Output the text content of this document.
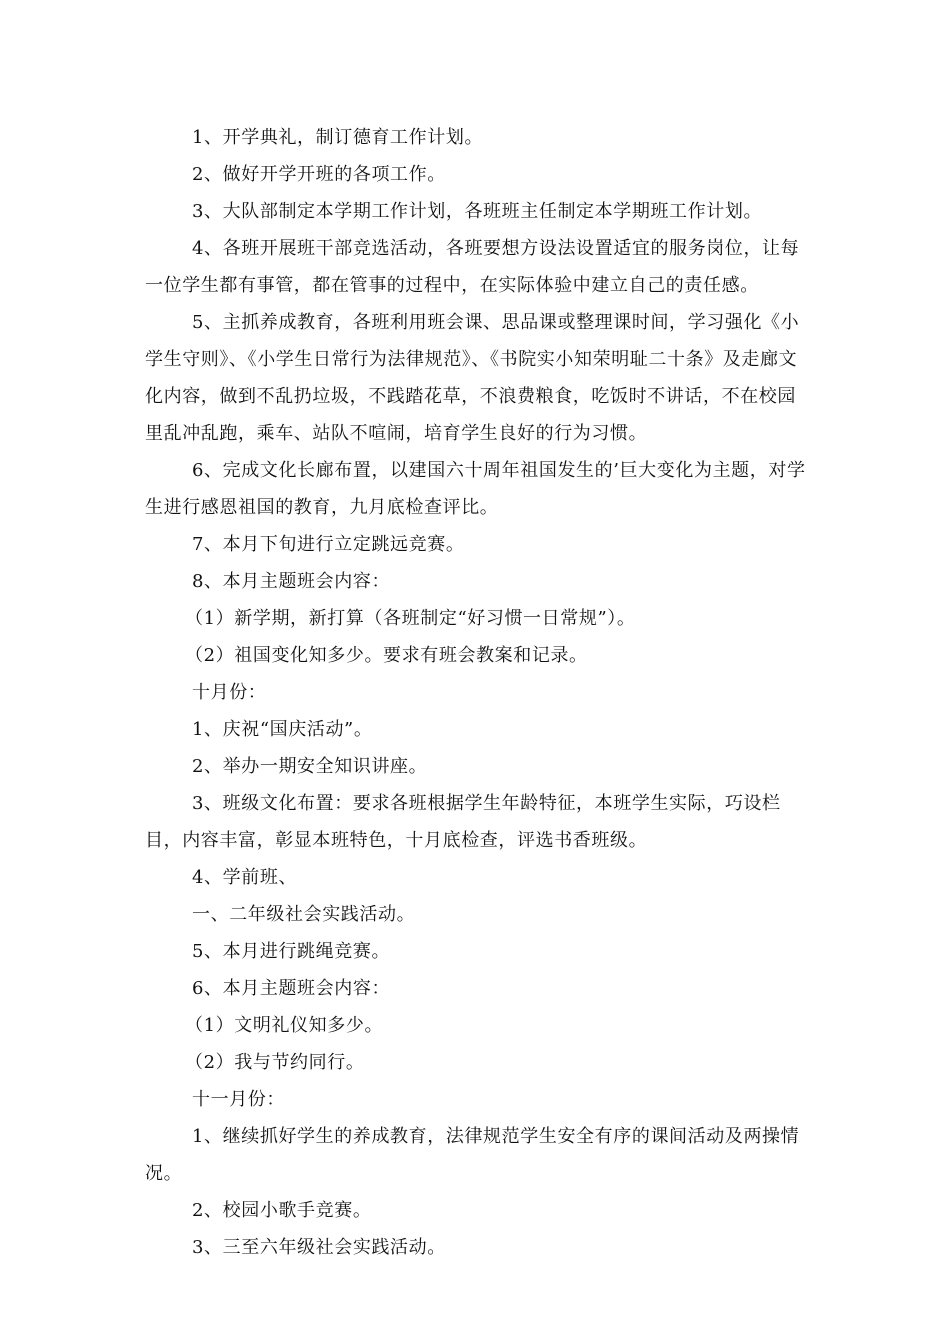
1、开学典礼，制订德育工作计划。

2、做好开学开班的各项工作。

3、大队部制定本学期工作计划，各班班主任制定本学期班工作计划。

4、各班开展班干部竞选活动，各班要想方设法设置适宜的服务岗位，让每一位学生都有事管，都在管事的过程中，在实际体验中建立自己的责任感。

5、主抓养成教育，各班利用班会课、思品课或整理课时间，学习强化《小学生守则》、《小学生日常行为法律规范》、《书院实小知荣明耻二十条》及走廊文化内容，做到不乱扔垃圾，不践踏花草，不浪费粮食，吃饭时不讲话，不在校园里乱冲乱跑，乘车、站队不喧闹，培育学生良好的行为习惯。

6、完成文化长廊布置，以建国六十周年祖国发生的’巨大变化为主题，对学生进行感恩祖国的教育，九月底检查评比。

7、本月下旬进行立定跳远竞赛。

8、本月主题班会内容：

（1）新学期，新打算（各班制定“好习惯一日常规”）。

（2）祖国变化知多少。要求有班会教案和记录。

十月份：

1、庆祝“国庆活动”。

2、举办一期安全知识讲座。

3、班级文化布置：要求各班根据学生年龄特征，本班学生实际，巧设栏目，内容丰富，彰显本班特色，十月底检查，评选书香班级。

4、学前班、

一、二年级社会实践活动。

5、本月进行跳绳竞赛。

6、本月主题班会内容：

（1）文明礼仪知多少。

（2）我与节约同行。

十一月份：

1、继续抓好学生的养成教育，法律规范学生安全有序的课间活动及两操情况。

2、校园小歌手竞赛。

3、三至六年级社会实践活动。
